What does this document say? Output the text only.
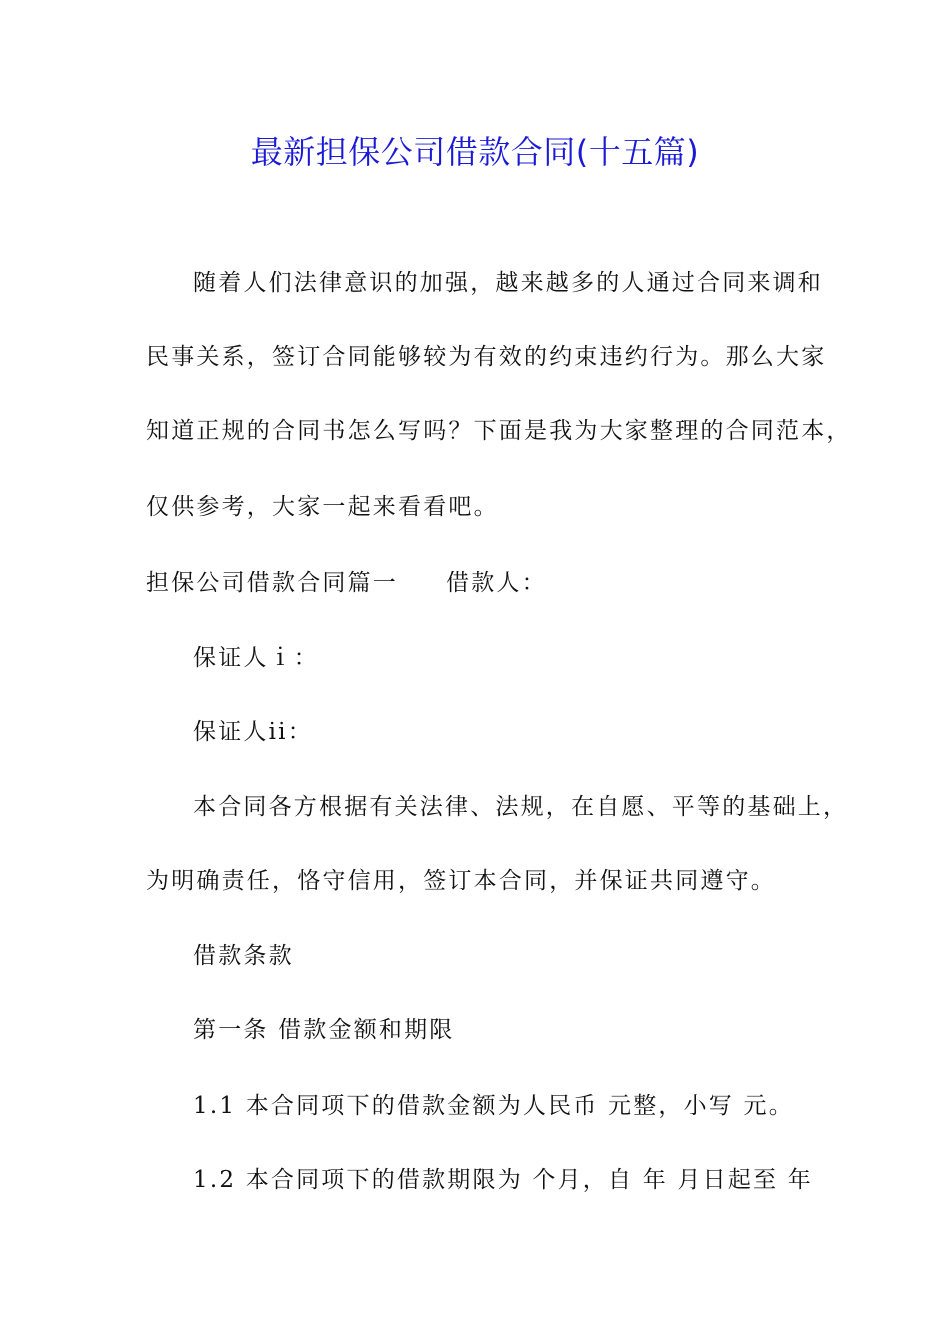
最新担保公司借款合同(十五篇)
随着人们法律意识的加强，越来越多的人通过合同来调和
民事关系，签订合同能够较为有效的约束违约行为。那么大家
知道正规的合同书怎么写吗？下面是我为大家整理的合同范本，
仅供参考，大家一起来看看吧。
担保公司借款合同篇一 借款人：
保证人ｉ：
保证人ii：
本合同各方根据有关法律、法规，在自愿、平等的基础上，
为明确责任，恪守信用，签订本合同，并保证共同遵守。
借款条款
第一条 借款金额和期限
1.1 本合同项下的借款金额为人民币 元整，小写 元。
1.2 本合同项下的借款期限为 个月，自 年 月日起至 年
